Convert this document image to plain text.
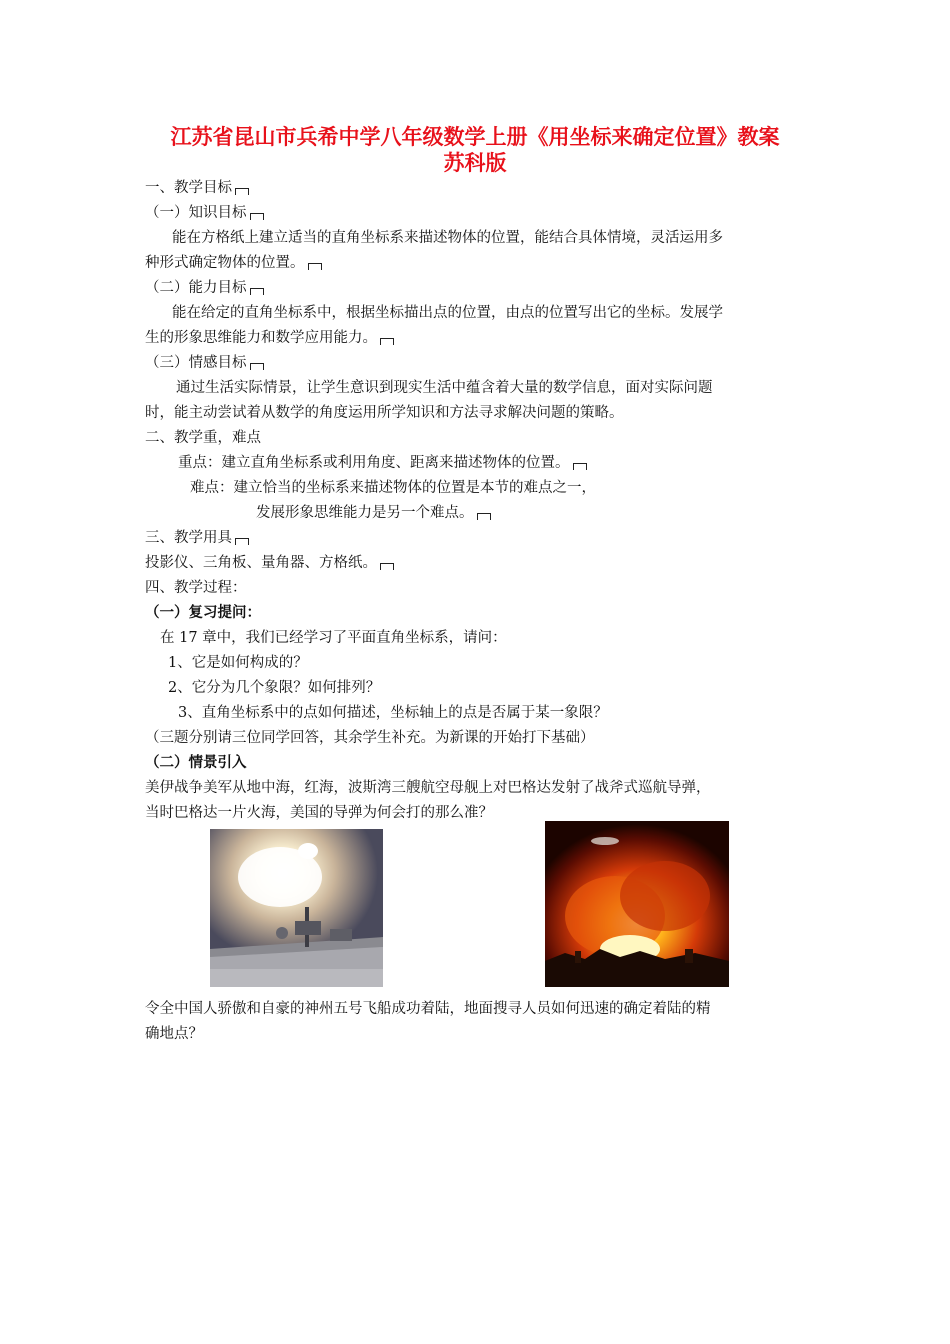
江苏省昆山市兵希中学八年级数学上册《用坐标来确定位置》教案
苏科版
一、教学目标
（一）知识目标
能在方格纸上建立适当的直角坐标系来描述物体的位置，能结合具体情境，灵活运用多
种形式确定物体的位置。
（二）能力目标
能在给定的直角坐标系中，根据坐标描出点的位置，由点的位置写出它的坐标。发展学
生的形象思维能力和数学应用能力。
（三）情感目标
通过生活实际情景，让学生意识到现实生活中蕴含着大量的数学信息，面对实际问题
时，能主动尝试着从数学的角度运用所学知识和方法寻求解决问题的策略。
二、教学重，难点
重点：建立直角坐标系或利用角度、距离来描述物体的位置。
难点：建立恰当的坐标系来描述物体的位置是本节的难点之一，
发展形象思维能力是另一个难点。
三、教学用具
投影仪、三角板、量角器、方格纸。
四、教学过程：
（一）复习提问：
在 17 章中，我们已经学习了平面直角坐标系，请问：
1、它是如何构成的？
2、它分为几个象限？如何排列？
3、直角坐标系中的点如何描述，坐标轴上的点是否属于某一象限？
（三题分别请三位同学回答，其余学生补充。为新课的开始打下基础）
（二）情景引入
美伊战争美军从地中海，红海，波斯湾三艘航空母舰上对巴格达发射了战斧式巡航导弹，
当时巴格达一片火海，美国的导弹为何会打的那么准？
令全中国人骄傲和自豪的神州五号飞船成功着陆，地面搜寻人员如何迅速的确定着陆的精
确地点？
